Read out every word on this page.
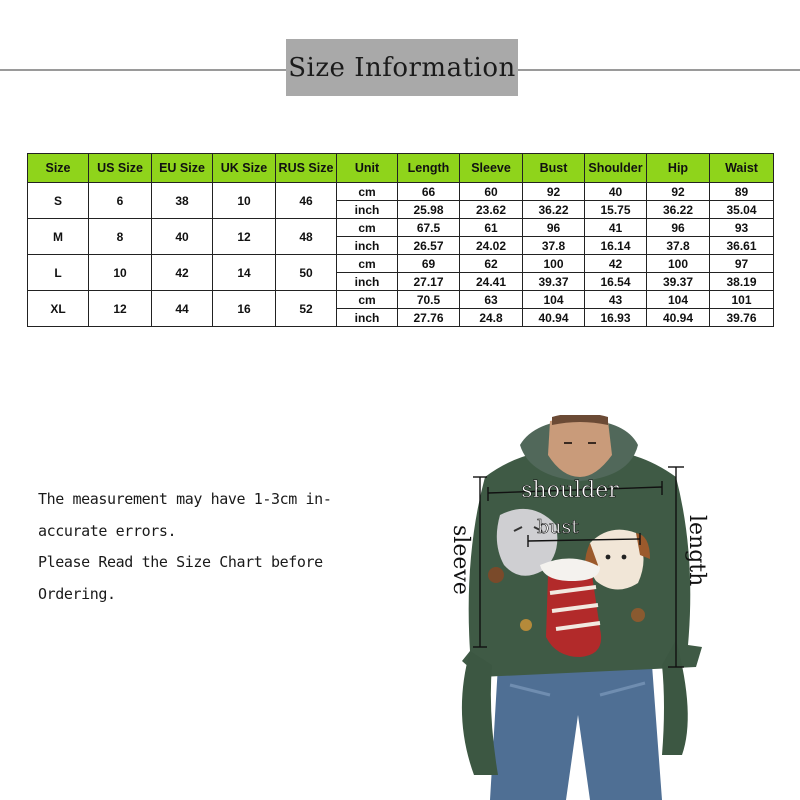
Size Information
Size	US Size	EU Size	UK Size	RUS Size	Unit	Length	Sleeve	Bust	Shoulder	Hip	Waist
S	6	38	10	46	cm	66	60	92	40	92	89
					inch	25.98	23.62	36.22	15.75	36.22	35.04
M	8	40	12	48	cm	67.5	61	96	41	96	93
					inch	26.57	24.02	37.8	16.14	37.8	36.61
L	10	42	14	50	cm	69	62	100	42	100	97
					inch	27.17	24.41	39.37	16.54	39.37	38.19
XL	12	44	16	52	cm	70.5	63	104	43	104	101
					inch	27.76	24.8	40.94	16.93	40.94	39.76
The measurement may have 1-3cm in-
accurate errors.
Please Read the Size Chart before
Ordering.
shoulder
bust
sleeve	length
